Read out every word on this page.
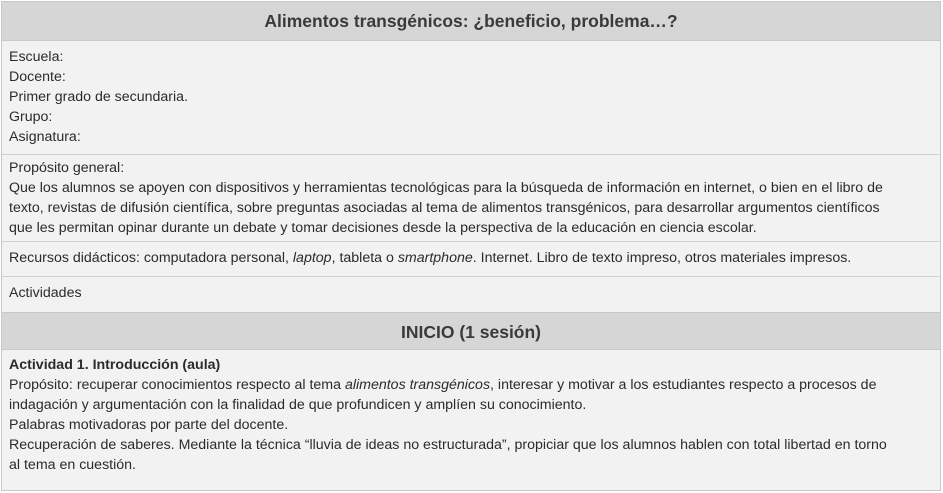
Alimentos transgénicos: ¿beneficio, problema…?

Escuela:

Docente:

Primer grado de secundaria.

Grupo:

Asignatura:

Propósito general:

Que los alumnos se apoyen con dispositivos y herramientas tecnológicas para la búsqueda de información en internet, o bien en el libro de

texto, revistas de difusión científica, sobre preguntas asociadas al tema de alimentos transgénicos, para desarrollar argumentos científicos

que les permitan opinar durante un debate y tomar decisiones desde la perspectiva de la educación en ciencia escolar.

Recursos didácticos: computadora personal, laptop, tableta o smartphone. Internet. Libro de texto impreso, otros materiales impresos.

Actividades

INICIO (1 sesión)

Actividad 1. Introducción (aula)

Propósito: recuperar conocimientos respecto al tema alimentos transgénicos, interesar y motivar a los estudiantes respecto a procesos de

indagación y argumentación con la finalidad de que profundicen y amplíen su conocimiento.

Palabras motivadoras por parte del docente.

Recuperación de saberes. Mediante la técnica “lluvia de ideas no estructurada”, propiciar que los alumnos hablen con total libertad en torno

al tema en cuestión.
